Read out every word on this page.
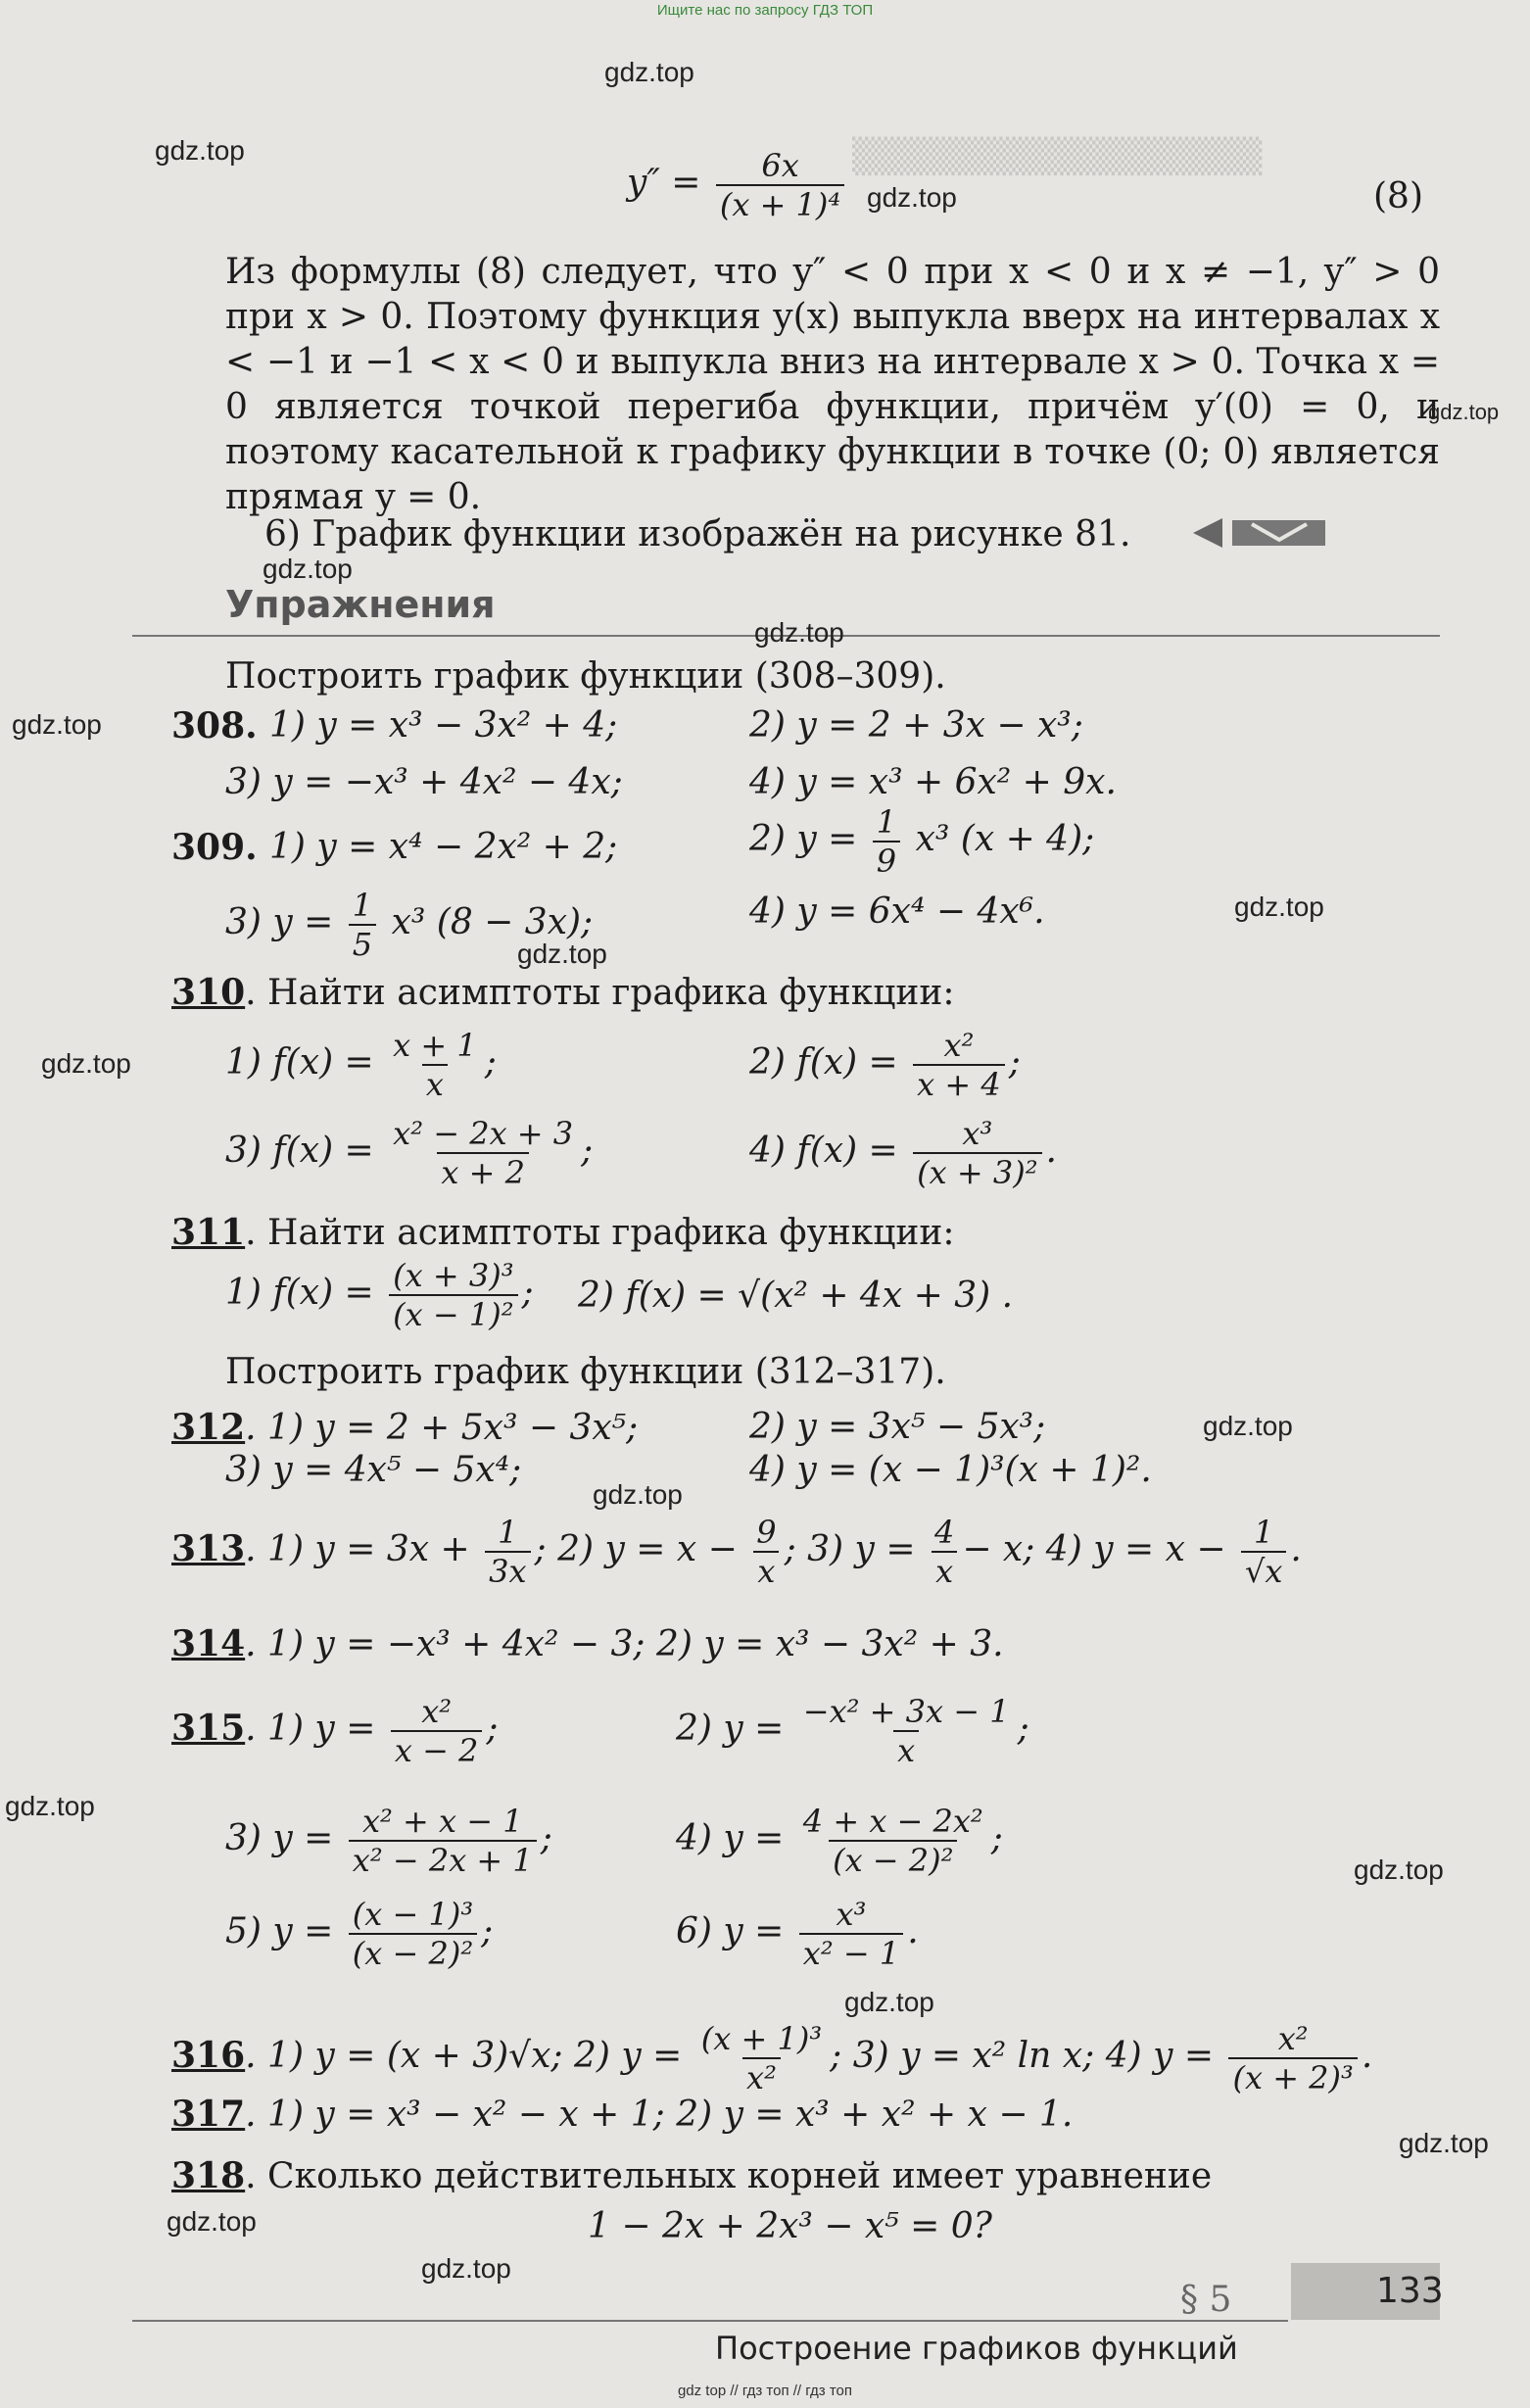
Ищите нас по запросу ГДЗ ТОП
▒▒▒▒▒▒▒▒▒▒▒▒▒▒▒▒
$y'' = \frac{6x}{\text{(x + 1)⁴}}$	(8)
Из формулы (8) следует, что y″ < 0 при x < 0 и x ≠ −1, y″ > 0 при x > 0. Поэтому функция y(x) выпукла вверх на интервалах x < −1 и −1 < x < 0 и выпукла вниз на интервале x > 0. Точка x = 0 является точкой перегиба функции, причём y′(0) = 0, и поэтому касательной к графику функции в точке (0; 0) является прямая y = 0.
6) График функции изображён на рисунке 81.
Упражнения
Построить график функции (308–309).
308. 1) y = x³ − 3x² + 4;	2) y = 2 + 3x − x³;
3) y = −x³ + 4x² − 4x;	4) y = x³ + 6x² + 9x.
309. 1) y = x⁴ − 2x² + 2;	2) $y = \frac{1}{9} x^3$ (x + 4);
3) $y = \frac{1}{5} x^3$ (8 − 3x);	4) y = 6x⁴ − 4x⁶.
310. Найти асимптоты графика функции:
1) $f(x) = \frac{x + 1}{x}$ ;	2) $f(x) = \frac{\text{x²}}{x + 4}$ ;
3) $f(x) = \frac{\text{x² − 2x + 3}}{x + 2}$ ;	4) $f(x) = \frac{\text{x³}}{\text{(x + 3)²}}$ .
311. Найти асимптоты графика функции:
1) $f(x) = \frac{\text{(x + 3)³}}{\text{(x − 1)²}}$ ; 2) f(x) = √(x² + 4x + 3) .
Построить график функции (312–317).
312. 1) y = 2 + 5x³ − 3x⁵;	2) y = 3x⁵ − 5x³;
3) y = 4x⁵ − 5x⁴;	4) y = (x − 1)³(x + 1)².
313. 1) $y = 3x + \frac{1}{3x}$ ; 2) $y = x - \frac{9}{x}$ ; 3) $y = \frac{4}{x} - x$; 4) $y = x - \frac{1}{√x}$ .
314. 1) y = −x³ + 4x² − 3; 2) y = x³ − 3x² + 3.
315. 1) $y = \frac{\text{x²}}{x - 2}$ ;	2) $y = \frac{\text{−x² + 3x − 1}}{x}$ ;
3) $y = \frac{\text{x² + x − 1}}{\text{x² − 2x + 1}}$ ;	4) $y = \frac{\text{4 + x − 2x²}}{\text{(x − 2)²}}$ ;
5) $y = \frac{\text{(x − 1)³}}{\text{(x − 2)²}}$ ;	6) $y = \frac{\text{x³}}{\text{x² − 1}}$ .
316. 1) y = (x + 3)√x; 2) $y = \frac{\text{(x + 1)³}}{\text{x²}}$ ; 3) y = x² ln x; 4) $y = \frac{\text{x²}}{\text{(x + 2)³}}$ .
317. 1) y = x³ − x² − x + 1; 2) y = x³ + x² + x − 1.
318. Сколько действительных корней имеет уравнение
1 − 2x + 2x³ − x⁵ = 0?
§ 5	133
Построение графиков функций
gdz.top
gdz.top
gdz.top
gdz.top
gdz.top
gdz.top
gdz.top
gdz.top
gdz.top
gdz.top
gdz.top
gdz.top
gdz.top
gdz.top
gdz.top
gdz.top
gdz.top
gdz.top
gdz top // гдз топ // гдз топ
